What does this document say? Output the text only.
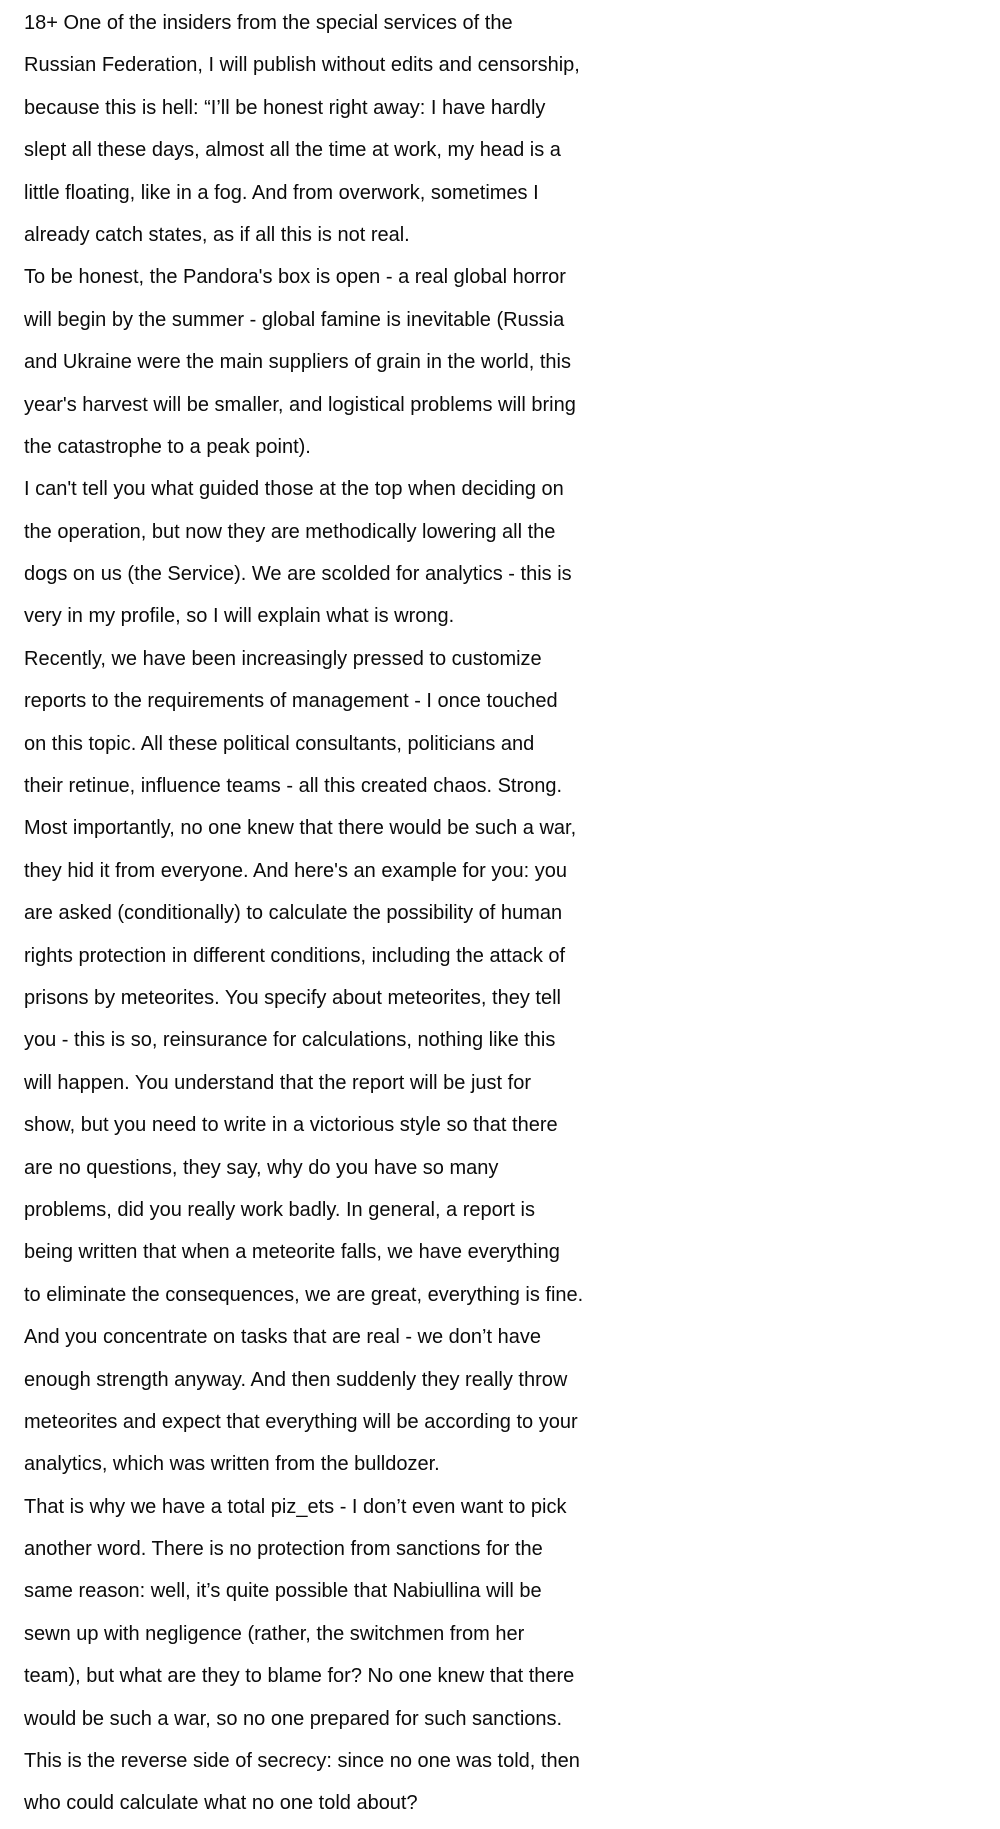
18+ One of the insiders from the special services of the
Russian Federation, I will publish without edits and censorship,
because this is hell: “I’ll be honest right away: I have hardly
slept all these days, almost all the time at work, my head is a
little floating, like in a fog. And from overwork, sometimes I
already catch states, as if all this is not real.
To be honest, the Pandora's box is open - a real global horror
will begin by the summer - global famine is inevitable (Russia
and Ukraine were the main suppliers of grain in the world, this
year's harvest will be smaller, and logistical problems will bring
the catastrophe to a peak point).
I can't tell you what guided those at the top when deciding on
the operation, but now they are methodically lowering all the
dogs on us (the Service). We are scolded for analytics - this is
very in my profile, so I will explain what is wrong.
Recently, we have been increasingly pressed to customize
reports to the requirements of management - I once touched
on this topic. All these political consultants, politicians and
their retinue, influence teams - all this created chaos. Strong.
Most importantly, no one knew that there would be such a war,
they hid it from everyone. And here's an example for you: you
are asked (conditionally) to calculate the possibility of human
rights protection in different conditions, including the attack of
prisons by meteorites. You specify about meteorites, they tell
you - this is so, reinsurance for calculations, nothing like this
will happen. You understand that the report will be just for
show, but you need to write in a victorious style so that there
are no questions, they say, why do you have so many
problems, did you really work badly. In general, a report is
being written that when a meteorite falls, we have everything
to eliminate the consequences, we are great, everything is fine.
And you concentrate on tasks that are real - we don’t have
enough strength anyway. And then suddenly they really throw
meteorites and expect that everything will be according to your
analytics, which was written from the bulldozer.
That is why we have a total piz_ets - I don’t even want to pick
another word. There is no protection from sanctions for the
same reason: well, it’s quite possible that Nabiullina will be
sewn up with negligence (rather, the switchmen from her
team), but what are they to blame for? No one knew that there
would be such a war, so no one prepared for such sanctions.
This is the reverse side of secrecy: since no one was told, then
who could calculate what no one told about?
